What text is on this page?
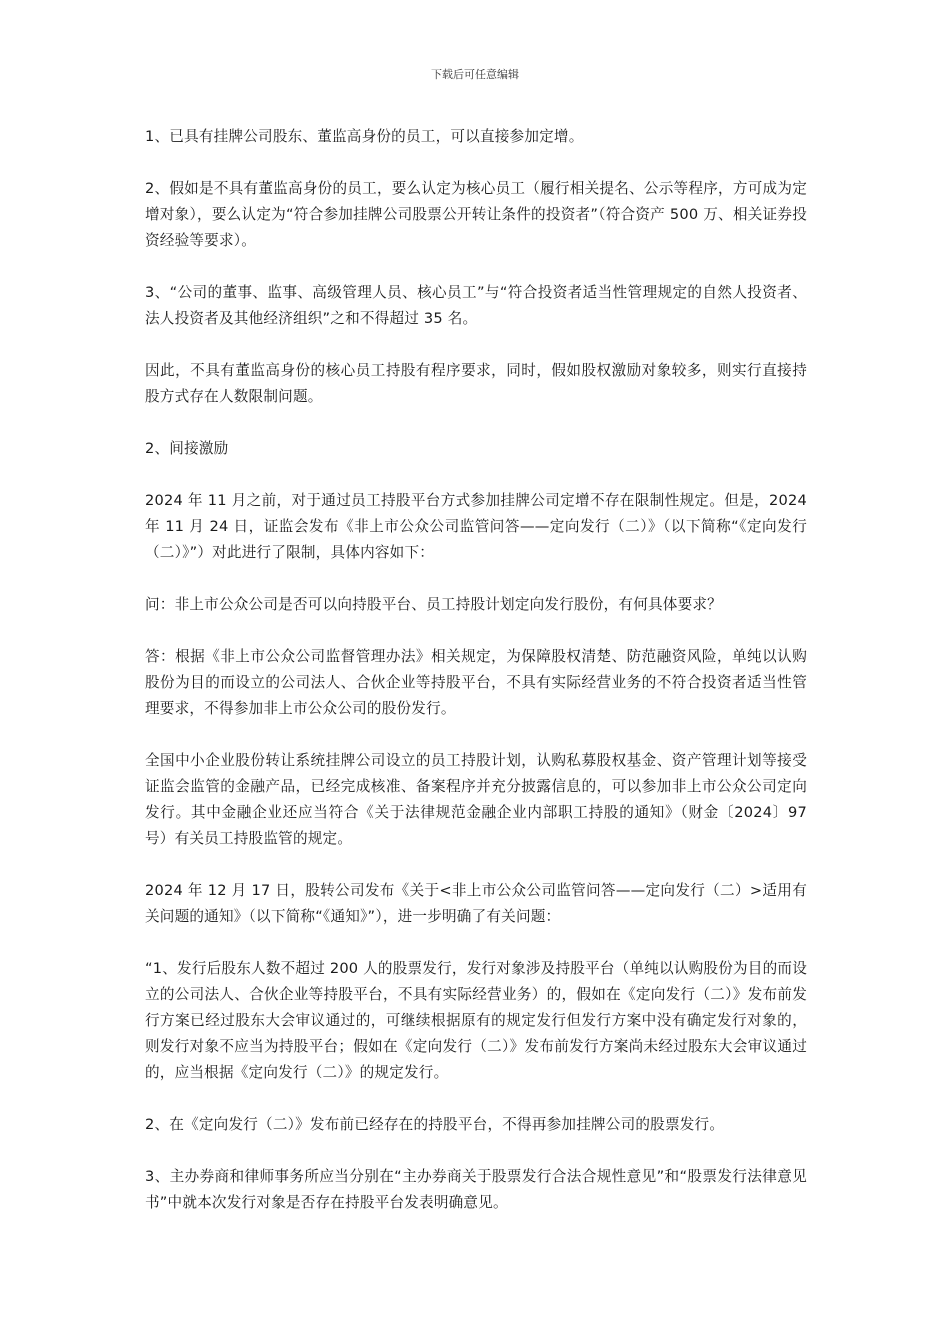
下载后可任意编辑

1、已具有挂牌公司股东、董监高身份的员工，可以直接参加定增。

2、假如是不具有董监高身份的员工，要么认定为核心员工（履行相关提名、公示等程序，方可成为定增对象），要么认定为“符合参加挂牌公司股票公开转让条件的投资者”（符合资产 500 万、相关证券投资经验等要求）。

3、“公司的董事、监事、高级管理人员、核心员工”与“符合投资者适当性管理规定的自然人投资者、法人投资者及其他经济组织”之和不得超过 35 名。

因此，不具有董监高身份的核心员工持股有程序要求，同时，假如股权激励对象较多，则实行直接持股方式存在人数限制问题。

2、间接激励

2024 年 11 月之前，对于通过员工持股平台方式参加挂牌公司定增不存在限制性规定。但是，2024 年 11 月 24 日，证监会发布《非上市公众公司监管问答——定向发行（二）》（以下简称“《定向发行（二）》”）对此进行了限制，具体内容如下：

问：非上市公众公司是否可以向持股平台、员工持股计划定向发行股份，有何具体要求？

答：根据《非上市公众公司监督管理办法》相关规定，为保障股权清楚、防范融资风险，单纯以认购股份为目的而设立的公司法人、合伙企业等持股平台，不具有实际经营业务的不符合投资者适当性管理要求，不得参加非上市公众公司的股份发行。

全国中小企业股份转让系统挂牌公司设立的员工持股计划，认购私募股权基金、资产管理计划等接受证监会监管的金融产品，已经完成核准、备案程序并充分披露信息的，可以参加非上市公众公司定向发行。其中金融企业还应当符合《关于法律规范金融企业内部职工持股的通知》（财金〔2024〕97 号）有关员工持股监管的规定。

2024 年 12 月 17 日，股转公司发布《关于<非上市公众公司监管问答——定向发行（二）>适用有关问题的通知》（以下简称“《通知》”），进一步明确了有关问题：

“1、发行后股东人数不超过 200 人的股票发行，发行对象涉及持股平台（单纯以认购股份为目的而设立的公司法人、合伙企业等持股平台，不具有实际经营业务）的，假如在《定向发行（二）》发布前发行方案已经过股东大会审议通过的，可继续根据原有的规定发行但发行方案中没有确定发行对象的，则发行对象不应当为持股平台；假如在《定向发行（二）》发布前发行方案尚未经过股东大会审议通过的，应当根据《定向发行（二）》的规定发行。

2、在《定向发行（二）》发布前已经存在的持股平台，不得再参加挂牌公司的股票发行。

3、主办券商和律师事务所应当分别在“主办券商关于股票发行合法合规性意见”和“股票发行法律意见书”中就本次发行对象是否存在持股平台发表明确意见。
